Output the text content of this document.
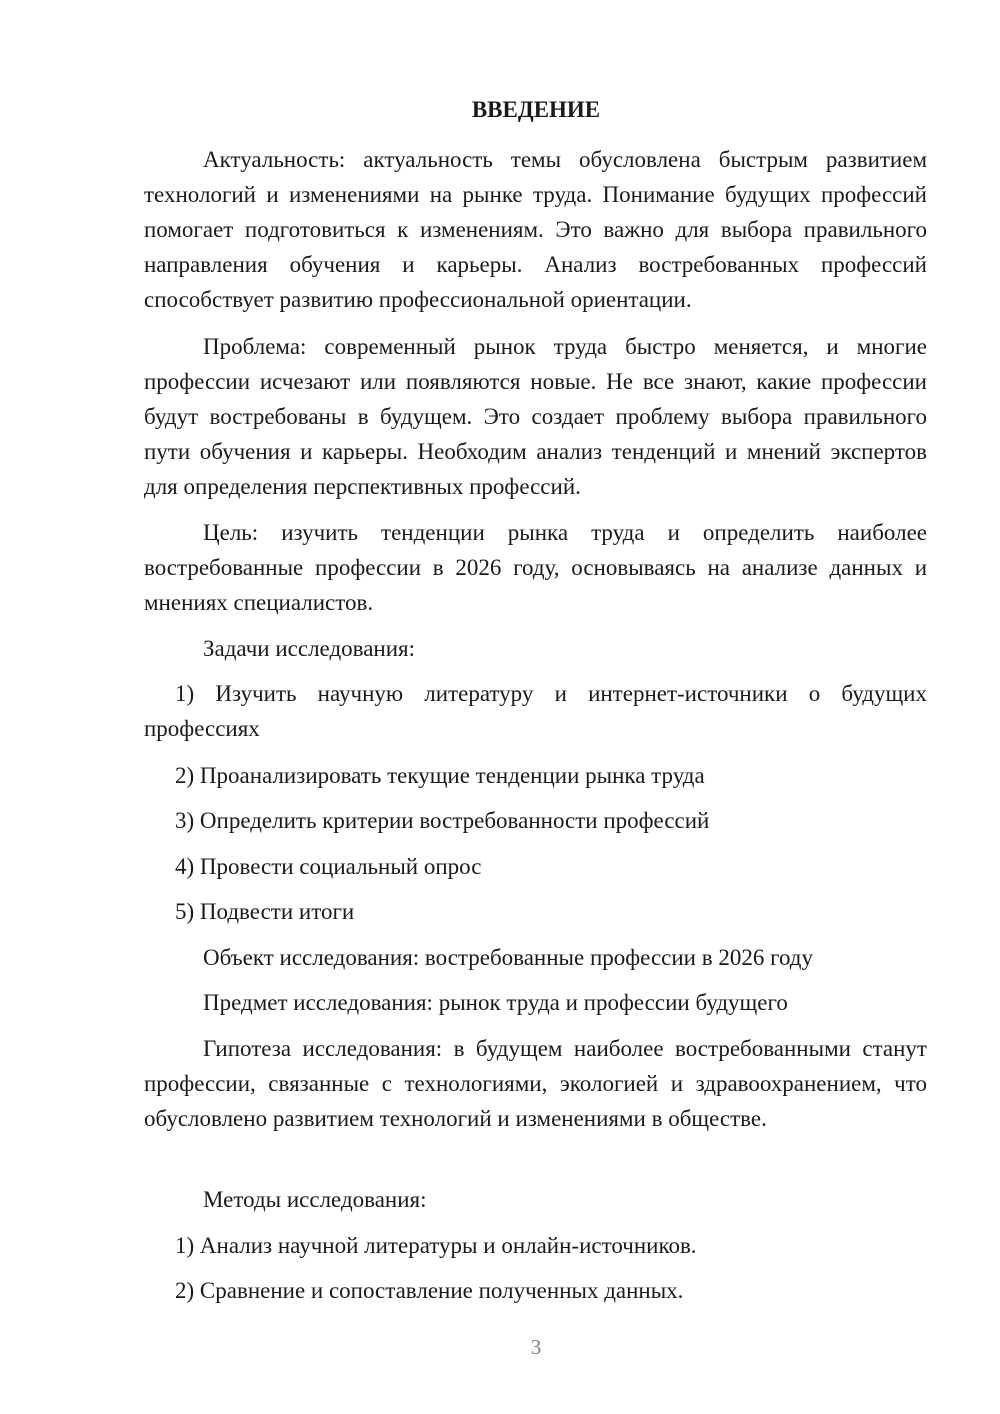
ВВЕДЕНИЕ

Актуальность: актуальность темы обусловлена быстрым развитием технологий и изменениями на рынке труда. Понимание будущих профессий помогает подготовиться к изменениям. Это важно для выбора правильного направления обучения и карьеры. Анализ востребованных профессий способствует развитию профессиональной ориентации.

Проблема: современный рынок труда быстро меняется, и многие профессии исчезают или появляются новые. Не все знают, какие профессии будут востребованы в будущем. Это создает проблему выбора правильного пути обучения и карьеры. Необходим анализ тенденций и мнений экспертов для определения перспективных профессий.

Цель: изучить тенденции рынка труда и определить наиболее востребованные профессии в 2026 году, основываясь на анализе данных и мнениях специалистов.

Задачи исследования:

1) Изучить научную литературу и интернет-источники о будущих профессиях

2) Проанализировать текущие тенденции рынка труда
3) Определить критерии востребованности профессий
4) Провести социальный опрос
5) Подвести итоги
Объект исследования: востребованные профессии в 2026 году
Предмет исследования: рынок труда и профессии будущего

Гипотеза исследования: в будущем наиболее востребованными станут профессии, связанные с технологиями, экологией и здравоохранением, что обусловлено развитием технологий и изменениями в обществе.

Методы исследования:
1) Анализ научной литературы и онлайн-источников.
2) Сравнение и сопоставление полученных данных.
3
